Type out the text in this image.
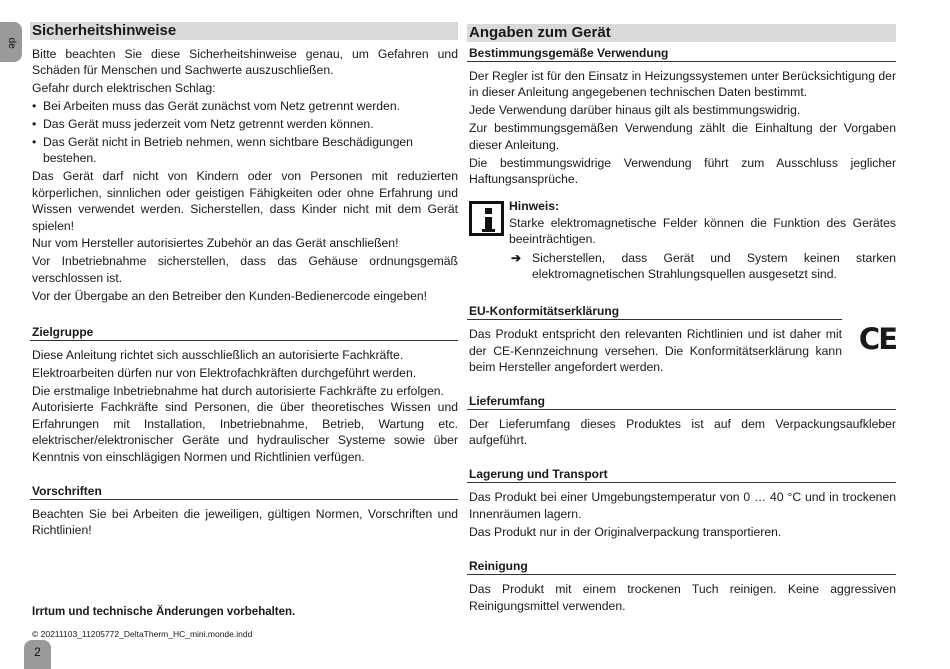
de
Sicherheitshinweise

Bitte beachten Sie diese Sicherheitshinweise genau, um Gefahren und Schäden für Menschen und Sachwerte auszuschließen.

Gefahr durch elektrischen Schlag:

• Bei Arbeiten muss das Gerät zunächst vom Netz getrennt werden.
• Das Gerät muss jederzeit vom Netz getrennt werden können.
• Das Gerät nicht in Betrieb nehmen, wenn sichtbare Beschädigungen bestehen.

Das Gerät darf nicht von Kindern oder von Personen mit reduzierten körperlichen, sinnlichen oder geistigen Fähigkeiten oder ohne Erfahrung und Wissen verwendet werden. Sicherstellen, dass Kinder nicht mit dem Gerät spielen!

Nur vom Hersteller autorisiertes Zubehör an das Gerät anschließen!

Vor Inbetriebnahme sicherstellen, dass das Gehäuse ordnungsgemäß verschlossen ist.

Vor der Übergabe an den Betreiber den Kunden-Bedienercode eingeben!

Zielgruppe

Diese Anleitung richtet sich ausschließlich an autorisierte Fachkräfte.

Elektroarbeiten dürfen nur von Elektrofachkräften durchgeführt werden.

Die erstmalige Inbetriebnahme hat durch autorisierte Fachkräfte zu erfolgen.

Autorisierte Fachkräfte sind Personen, die über theoretisches Wissen und Erfahrungen mit Installation, Inbetriebnahme, Betrieb, Wartung etc. elektrischer/elektronischer Geräte und hydraulischer Systeme sowie über Kenntnis von einschlägigen Normen und Richtlinien verfügen.

Vorschriften

Beachten Sie bei Arbeiten die jeweiligen, gültigen Normen, Vorschriften und Richtlinien!

Irrtum und technische Änderungen vorbehalten.
© 20211103_11205772_DeltaTherm_HC_mini.monde.indd
Angaben zum Gerät
Bestimmungsgemäße Verwendung

Der Regler ist für den Einsatz in Heizungssystemen unter Berücksichtigung der in dieser Anleitung angegebenen technischen Daten bestimmt.

Jede Verwendung darüber hinaus gilt als bestimmungswidrig.

Zur bestimmungsgemäßen Verwendung zählt die Einhaltung der Vorgaben dieser Anleitung.

Die bestimmungswidrige Verwendung führt zum Ausschluss jeglicher Haftungsansprüche.

Hinweis:

Starke elektromagnetische Felder können die Funktion des Gerätes beeinträchtigen.

➔ Sicherstellen, dass Gerät und System keinen starken elektromagnetischen Strahlungsquellen ausgesetzt sind.
EU-Konformitätserklärung

Das Produkt entspricht den relevanten Richtlinien und ist daher mit der CE-Kennzeichnung versehen. Die Konformitätserklärung kann beim Hersteller angefordert werden.

CE
Lieferumfang

Der Lieferumfang dieses Produktes ist auf dem Verpackungsaufkleber aufgeführt.

Lagerung und Transport

Das Produkt bei einer Umgebungstemperatur von 0 … 40 °C und in trockenen Innenräumen lagern.

Das Produkt nur in der Originalverpackung transportieren.

Reinigung

Das Produkt mit einem trockenen Tuch reinigen. Keine aggressiven Reinigungsmittel verwenden.

2
